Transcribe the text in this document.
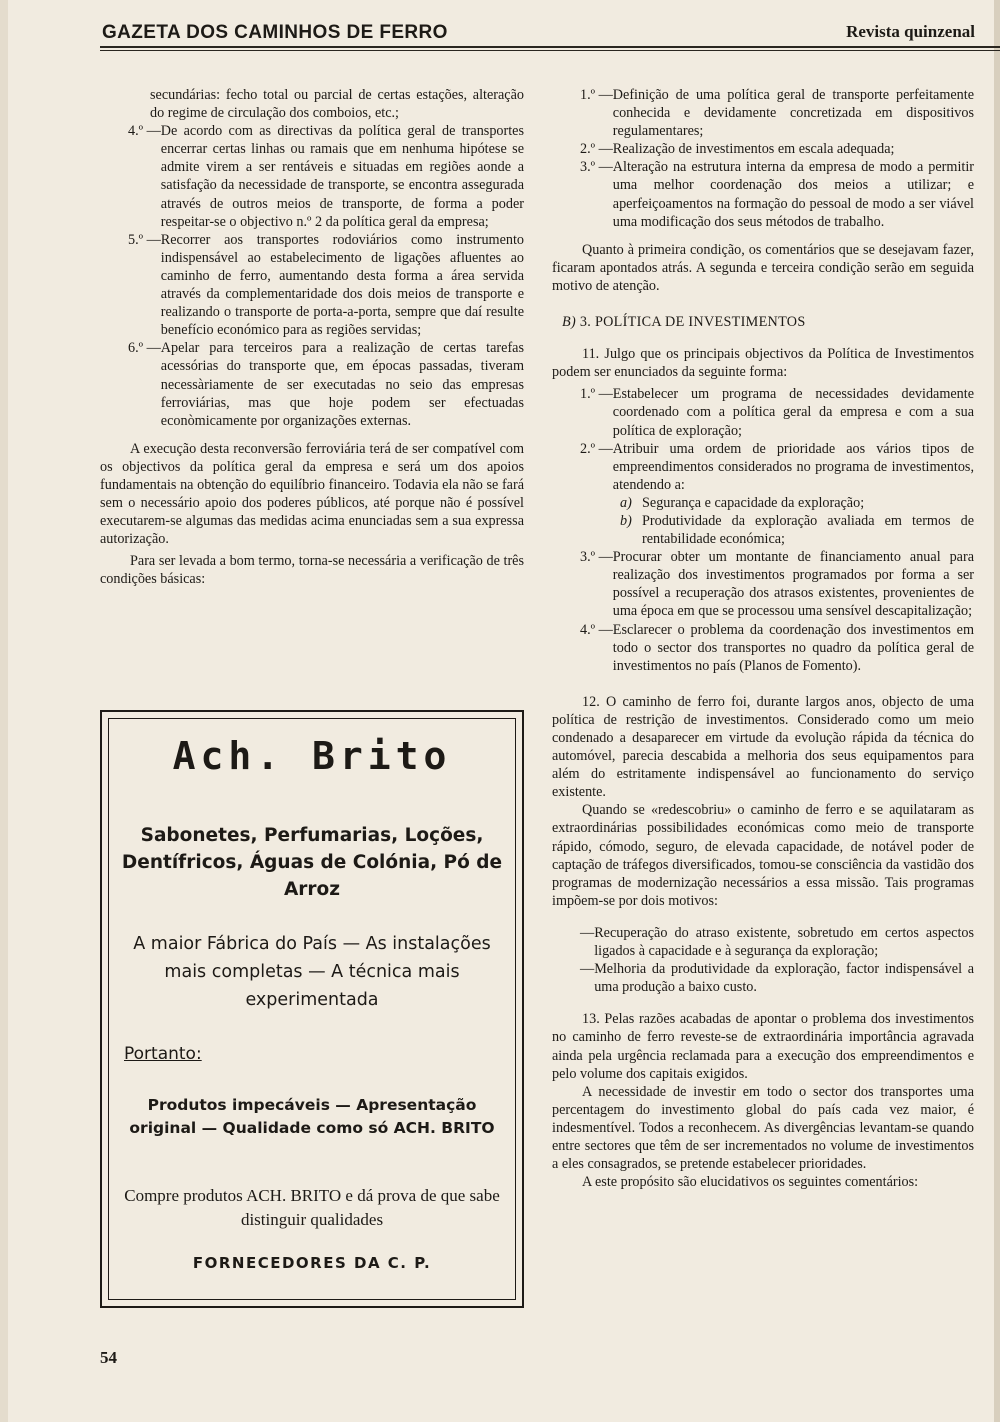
GAZETA DOS CAMINHOS DE FERRO	Revista quinzenal

secundárias: fecho total ou parcial de certas estações, alteração do regime de circulação dos comboios, etc.;

4.º — De acordo com as directivas da política geral de transportes encerrar certas linhas ou ramais que em nenhuma hipótese se admite virem a ser rentáveis e situadas em regiões aonde a satisfação da necessidade de transporte, se encontra assegurada através de outros meios de transporte, de forma a poder respeitar-se o objectivo n.º 2 da política geral da empresa;
5.º — Recorrer aos transportes rodoviários como instrumento indispensável ao estabelecimento de ligações afluentes ao caminho de ferro, aumentando desta forma a área servida através da complementaridade dos dois meios de transporte e realizando o transporte de porta-a-porta, sempre que daí resulte benefício económico para as regiões servidas;
6.º — Apelar para terceiros para a realização de certas tarefas acessórias do transporte que, em épocas passadas, tiveram necessàriamente de ser executadas no seio das empresas ferroviárias, mas que hoje podem ser efectuadas econòmicamente por organizações externas.

A execução desta reconversão ferroviária terá de ser compatível com os objectivos da política geral da empresa e será um dos apoios fundamentais na obtenção do equilíbrio financeiro. Todavia ela não se fará sem o necessário apoio dos poderes públicos, até porque não é possível executarem-se algumas das medidas acima enunciadas sem a sua expressa autorização.

Para ser levada a bom termo, torna-se necessária a verificação de três condições básicas:

Ach. Brito
Sabonetes, Perfumarias, Loções, Dentífricos, Águas de Colónia, Pó de Arroz
A maior Fábrica do País — As instalações mais completas — A técnica mais experimentada
Portanto:
Produtos impecáveis — Apresentação original — Qualidade como só ACH. BRITO
Compre produtos ACH. BRITO e dá prova de que sabe distinguir qualidades
FORNECEDORES DA C. P.
1.º — Definição de uma política geral de transporte perfeitamente conhecida e devidamente concretizada em dispositivos regulamentares;
2.º — Realização de investimentos em escala adequada;
3.º — Alteração na estrutura interna da empresa de modo a permitir uma melhor coordenação dos meios a utilizar; e aperfeiçoamentos na formação do pessoal de modo a ser viável uma modificação dos seus métodos de trabalho.

Quanto à primeira condição, os comentários que se desejavam fazer, ficaram apontados atrás. A segunda e terceira condição serão em seguida motivo de atenção.

B) 3. POLÍTICA DE INVESTIMENTOS

11. Julgo que os principais objectivos da Política de Investimentos podem ser enunciados da seguinte forma:

1.º — Estabelecer um programa de necessidades devidamente coordenado com a política geral da empresa e com a sua política de exploração;
2.º — Atribuir uma ordem de prioridade aos vários tipos de empreendimentos considerados no programa de investimentos, atendendo a:
a) Segurança e capacidade da exploração;
b) Produtividade da exploração avaliada em termos de rentabilidade económica;
3.º — Procurar obter um montante de financiamento anual para realização dos investimentos programados por forma a ser possível a recuperação dos atrasos existentes, provenientes de uma época em que se processou uma sensível descapitalização;
4.º — Esclarecer o problema da coordenação dos investimentos em todo o sector dos transportes no quadro da política geral de investimentos no país (Planos de Fomento).

12. O caminho de ferro foi, durante largos anos, objecto de uma política de restrição de investimentos. Considerado como um meio condenado a desaparecer em virtude da evolução rápida da técnica do automóvel, parecia descabida a melhoria dos seus equipamentos para além do estritamente indispensável ao funcionamento do serviço existente.

Quando se «redescobriu» o caminho de ferro e se aquilataram as extraordinárias possibilidades económicas como meio de transporte rápido, cómodo, seguro, de elevada capacidade, de notável poder de captação de tráfegos diversificados, tomou-se consciência da vastidão dos programas de modernização necessários a essa missão. Tais programas impõem-se por dois motivos:

— Recuperação do atraso existente, sobretudo em certos aspectos ligados à capacidade e à segurança da exploração;
— Melhoria da produtividade da exploração, factor indispensável a uma produção a baixo custo.

13. Pelas razões acabadas de apontar o problema dos investimentos no caminho de ferro reveste-se de extraordinária importância agravada ainda pela urgência reclamada para a execução dos empreendimentos e pelo volume dos capitais exigidos.

A necessidade de investir em todo o sector dos transportes uma percentagem do investimento global do país cada vez maior, é indesmentível. Todos a reconhecem. As divergências levantam-se quando entre sectores que têm de ser incrementados no volume de investimentos a eles consagrados, se pretende estabelecer prioridades.

A este propósito são elucidativos os seguintes comentários:

54
